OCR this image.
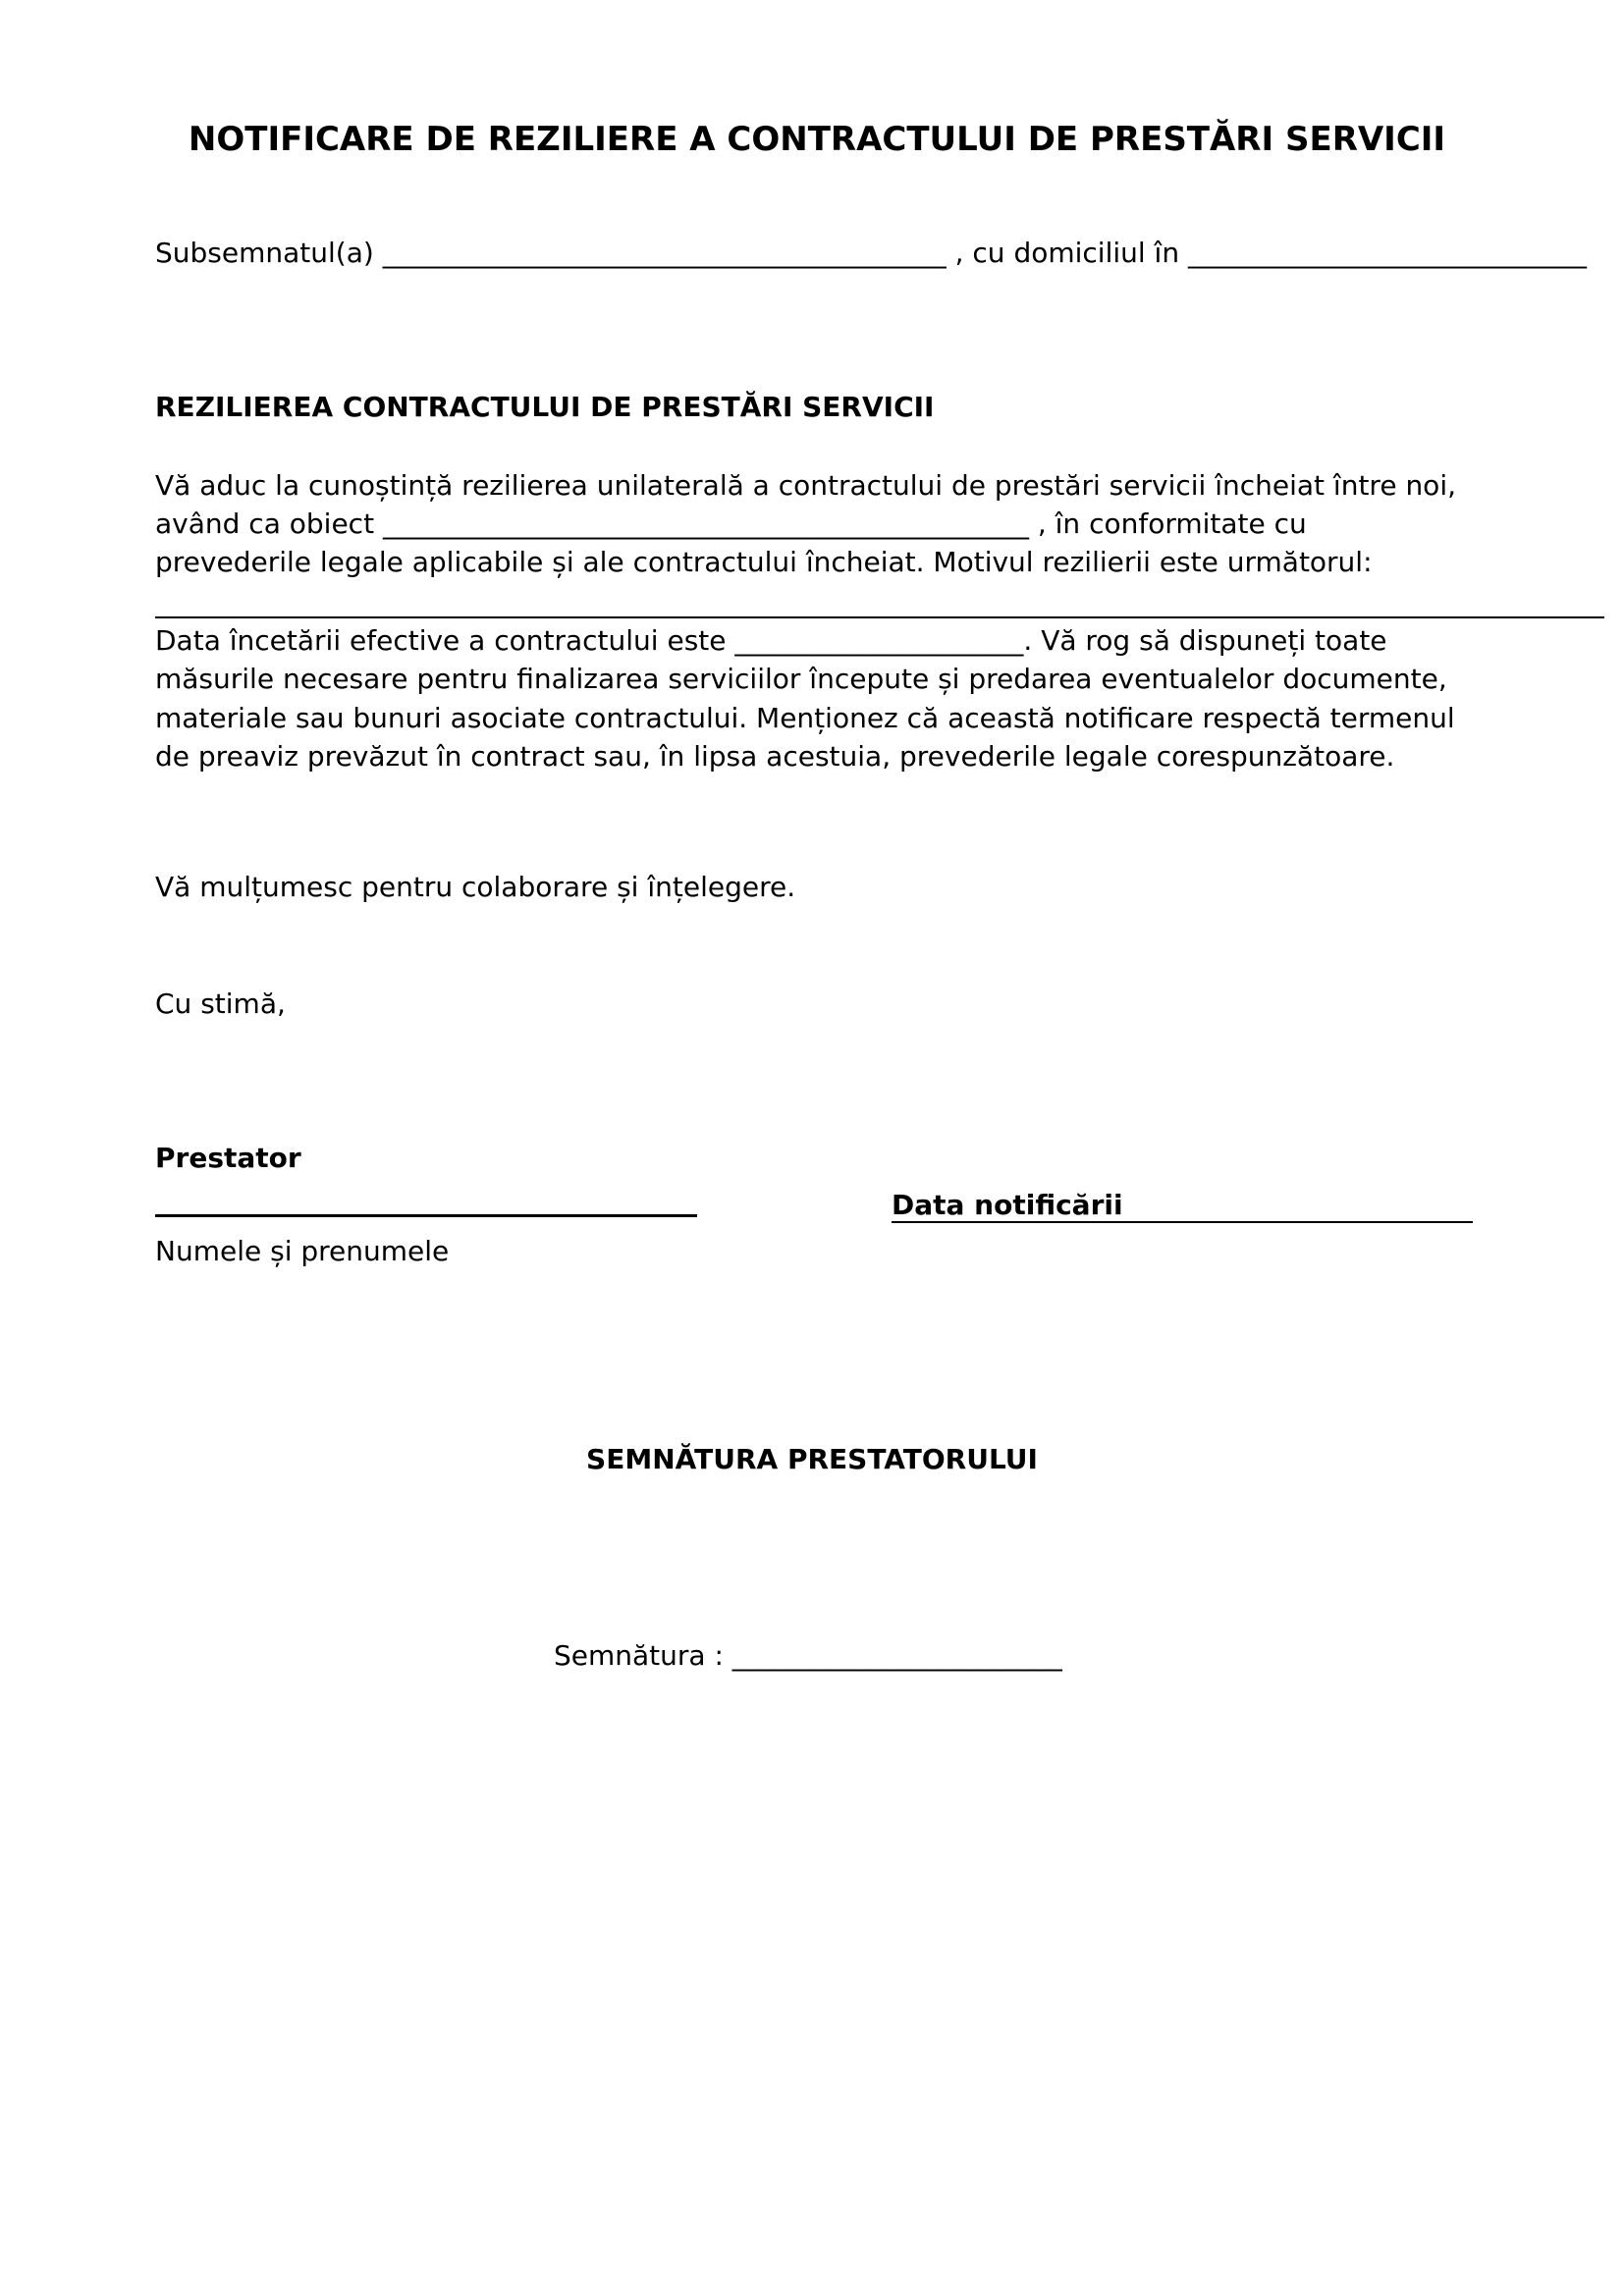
NOTIFICARE DE REZILIERE A CONTRACTULUI DE PRESTĂRI SERVICII
Subsemnatul(a) _________________________________________ , cu domiciliul în _____________________________
REZILIEREA CONTRACTULUI DE PRESTĂRI SERVICII
Vă aduc la cunoștință rezilierea unilaterală a contractului de prestări servicii încheiat între noi,
având ca obiect _______________________________________________ , în conformitate cu
prevederile legale aplicabile și ale contractului încheiat. Motivul rezilierii este următorul:
Data încetării efective a contractului este _____________________. Vă rog să dispuneți toate
măsurile necesare pentru finalizarea serviciilor începute și predarea eventualelor documente,
materiale sau bunuri asociate contractului. Menționez că această notificare respectă termenul
de preaviz prevăzut în contract sau, în lipsa acestuia, prevederile legale corespunzătoare.
Vă mulțumesc pentru colaborare și înțelegere.
Cu stimă,
Prestator
Numele și prenumele
Data notificării
SEMNĂTURA PRESTATORULUI
Semnătura : ________________________
